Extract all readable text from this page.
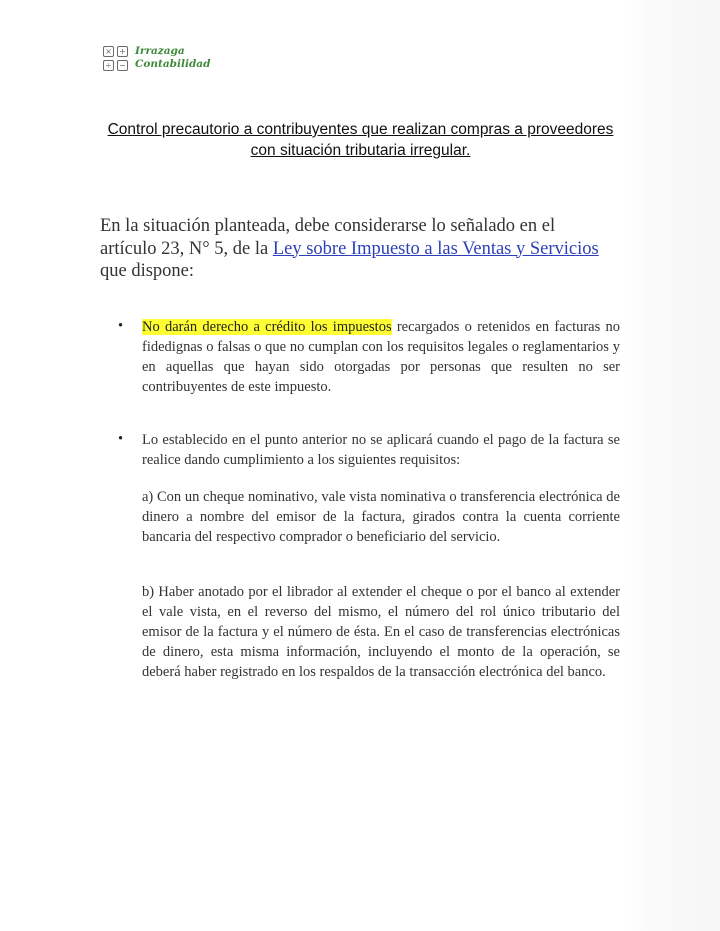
× +
÷ −
Irrazaga
Contabilidad
Control precautorio a contribuyentes que realizan compras a proveedores con situación tributaria irregular.
En la situación planteada, debe considerarse lo señalado en el artículo 23, N° 5, de la Ley sobre Impuesto a las Ventas y Servicios que dispone:
• No darán derecho a crédito los impuestos recargados o retenidos en facturas no fidedignas o falsas o que no cumplan con los requisitos legales o reglamentarios y en aquellas que hayan sido otorgadas por personas que resulten no ser contribuyentes de este impuesto.
• Lo establecido en el punto anterior no se aplicará cuando el pago de la factura se realice dando cumplimiento a los siguientes requisitos:
a) Con un cheque nominativo, vale vista nominativa o transferencia electrónica de dinero a nombre del emisor de la factura, girados contra la cuenta corriente bancaria del respectivo comprador o beneficiario del servicio.
b) Haber anotado por el librador al extender el cheque o por el banco al extender el vale vista, en el reverso del mismo, el número del rol único tributario del emisor de la factura y el número de ésta. En el caso de transferencias electrónicas de dinero, esta misma información, incluyendo el monto de la operación, se deberá haber registrado en los respaldos de la transacción electrónica del banco.
